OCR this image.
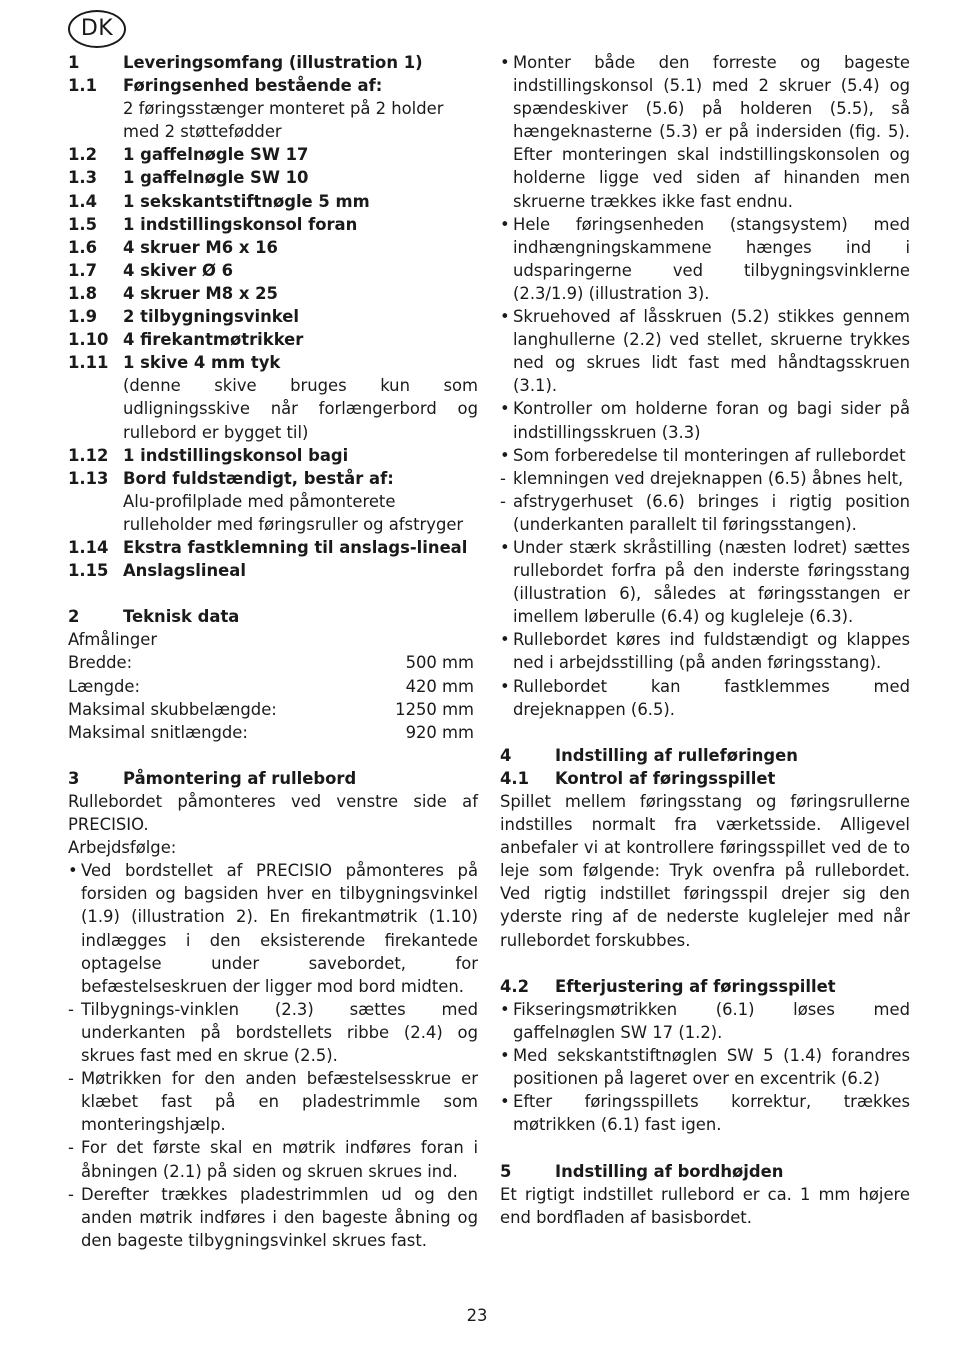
DK
1	Leveringsomfang (illustration 1)
1.1	Føringsenhed bestående af:
2 føringsstænger monteret på 2 holder med 2 støttefødder
1.2	1 gaffelnøgle SW 17
1.3	1 gaffelnøgle SW 10
1.4	1 sekskantstiftnøgle 5 mm
1.5	1 indstillingskonsol foran
1.6	4 skruer M6 x 16
1.7	4 skiver Ø 6
1.8	4 skruer M8 x 25
1.9	2 tilbygningsvinkel
1.10 4 firekantmøtrikker
1.11 1 skive 4 mm tyk
(denne skive bruges kun som udligningsskive når forlængerbord og rullebord er bygget til)
1.12 1 indstillingskonsol bagi
1.13 Bord fuldstændigt, består af:
Alu-profilplade med påmonterete rulleholder med føringsruller og afstryger
1.14 Ekstra fastklemning til anslags-lineal
1.15 Anslagslineal
2	Teknisk data
Afmålinger
Bredde:	500 mm
Længde:	420 mm
Maksimal skubbelængde:	1250 mm
Maksimal snitlængde:	920 mm
3	Påmontering af rullebord
Rullebordet påmonteres ved venstre side af PRECISIO.
Arbejdsfølge:
• Ved bordstellet af PRECISIO påmonteres på forsiden og bagsiden hver en tilbygningsvinkel (1.9) (illustration 2). En firekantmøtrik (1.10) indlægges i den eksisterende firekantede optagelse under savebordet, for befæstelseskruen der ligger mod bord midten.
- Tilbygnings-vinklen (2.3) sættes med underkanten på bordstellets ribbe (2.4) og skrues fast med en skrue (2.5).
- Møtrikken for den anden befæstelsesskrue er klæbet fast på en pladestrimmle som monteringshjælp.
- For det første skal en møtrik indføres foran i åbningen (2.1) på siden og skruen skrues ind.
- Derefter trækkes pladestrimmlen ud og den anden møtrik indføres i den bageste åbning og den bageste tilbygningsvinkel skrues fast.
• Monter både den forreste og bageste indstillingskonsol (5.1) med 2 skruer (5.4) og spændeskiver (5.6) på holderen (5.5), så hængeknasterne (5.3) er på indersiden (fig. 5). Efter monteringen skal indstillingskonsolen og holderne ligge ved siden af hinanden men skruerne trækkes ikke fast endnu.
• Hele føringsenheden (stangsystem) med indhængningskammene hænges ind i udsparingerne ved tilbygningsvinklerne (2.3/1.9) (illustration 3).
• Skruehoved af låsskruen (5.2) stikkes gennem langhullerne (2.2) ved stellet, skruerne trykkes ned og skrues lidt fast med håndtagsskruen (3.1).
• Kontroller om holderne foran og bagi sider på indstillingsskruen (3.3)
• Som forberedelse til monteringen af rullebordet
- klemningen ved drejeknappen (6.5) åbnes helt,
- afstrygerhuset (6.6) bringes i rigtig position (underkanten parallelt til føringsstangen).
• Under stærk skråstilling (næsten lodret) sættes rullebordet forfra på den inderste føringsstang (illustration 6), således at føringsstangen er imellem løberulle (6.4) og kugleleje (6.3).
• Rullebordet køres ind fuldstændigt og klappes ned i arbejdsstilling (på anden føringsstang).
• Rullebordet kan fastklemmes med drejeknappen (6.5).
4	Indstilling af rulleføringen
4.1	Kontrol af føringsspillet
Spillet mellem føringsstang og føringsrullerne indstilles normalt fra værketsside. Alligevel anbefaler vi at kontrollere føringsspillet ved de to leje som følgende: Tryk ovenfra på rullebordet. Ved rigtig indstillet føringsspil drejer sig den yderste ring af de nederste kuglelejer med når rullebordet forskubbes.
4.2	Efterjustering af føringsspillet
• Fikseringsmøtrikken (6.1) løses med gaffelnøglen SW 17 (1.2).
• Med sekskantstiftnøglen SW 5 (1.4) forandres positionen på lageret over en excentrik (6.2)
• Efter føringsspillets korrektur, trækkes møtrikken (6.1) fast igen.
5	Indstilling af bordhøjden
Et rigtigt indstillet rullebord er ca. 1 mm højere end bordfladen af basisbordet.
23
